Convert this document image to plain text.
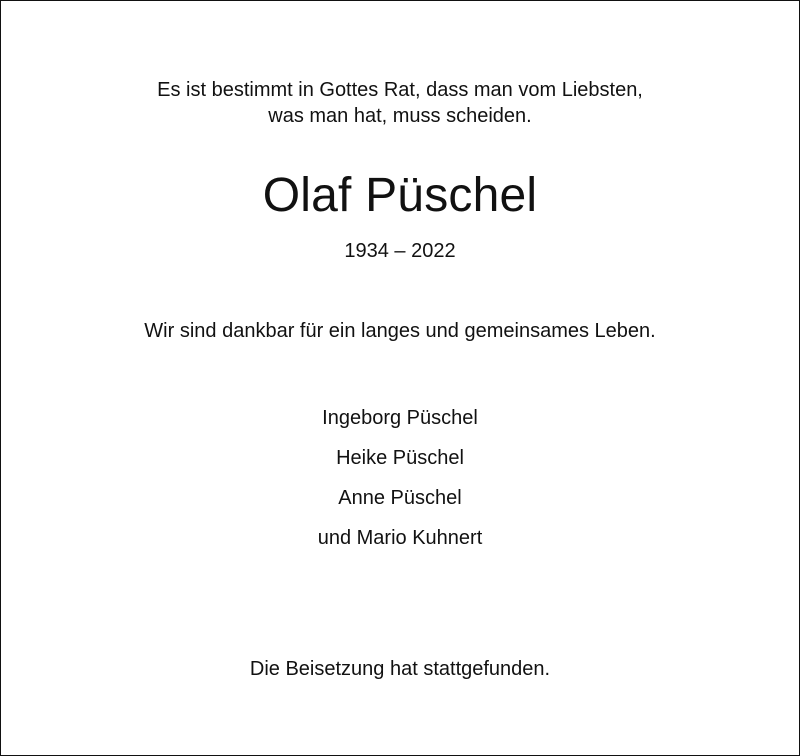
Es ist bestimmt in Gottes Rat, dass man vom Liebsten,
was man hat, muss scheiden.
Olaf Püschel
1934 – 2022
Wir sind dankbar für ein langes und gemeinsames Leben.
Ingeborg Püschel
Heike Püschel
Anne Püschel
und Mario Kuhnert
Die Beisetzung hat stattgefunden.
